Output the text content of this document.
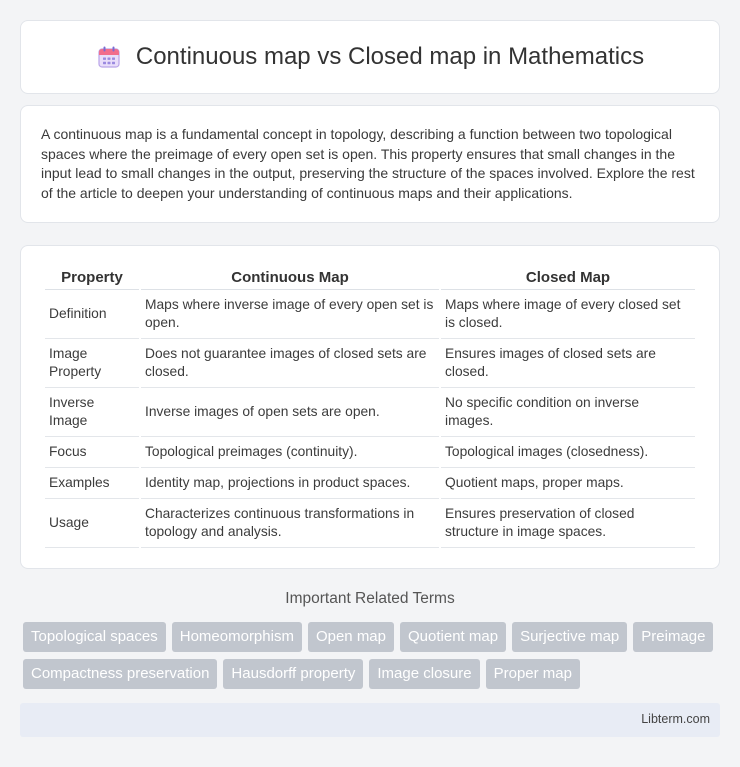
Continuous map vs Closed map in Mathematics

A continuous map is a fundamental concept in topology, describing a function between two topological spaces where the preimage of every open set is open. This property ensures that small changes in the input lead to small changes in the output, preserving the structure of the spaces involved. Explore the rest of the article to deepen your understanding of continuous maps and their applications.

Property	Continuous Map	Closed Map
Definition	Maps where inverse image of every open set is open.	Maps where image of every closed set is closed.
Image Property	Does not guarantee images of closed sets are closed.	Ensures images of closed sets are closed.
Inverse Image	Inverse images of open sets are open.	No specific condition on inverse images.
Focus	Topological preimages (continuity).	Topological images (closedness).
Examples	Identity map, projections in product spaces.	Quotient maps, proper maps.
Usage	Characterizes continuous transformations in topology and analysis.	Ensures preservation of closed structure in image spaces.
Important Related Terms
Topological spaces	Homeomorphism	Open map	Quotient map	Surjective map	Preimage
Compactness preservation	Hausdorff property	Image closure	Proper map
Libterm.com
